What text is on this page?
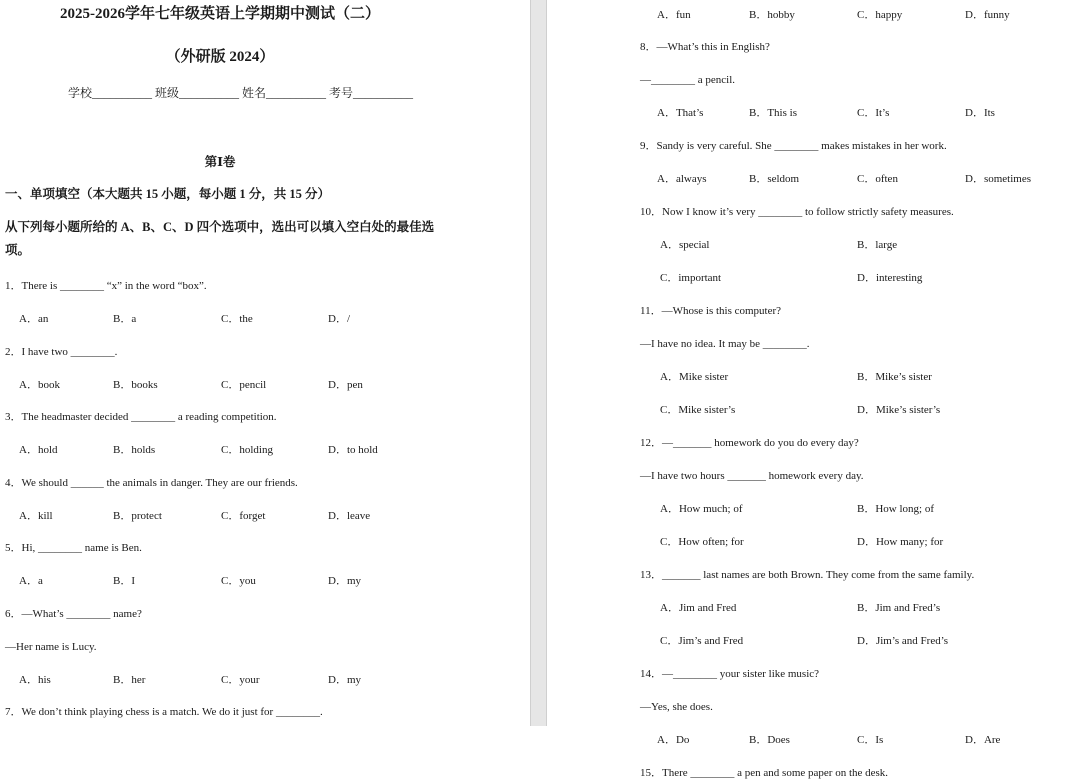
2025-2026学年七年级英语上学期期中测试（二）
（外研版 2024）
学校__________ 班级__________ 姓名__________ 考号__________
第Ⅰ卷
一、单项填空（本大题共 15 小题，每小题 1 分，共 15 分）
从下列每小题所给的 A、B、C、D 四个选项中，选出可以填入空白处的最佳选
项。
1．There is ________ “x” in the word “box”.
A．an	B．a	C．the	D．/
2．I have two ________.
A．book	B．books	C．pencil	D．pen
3．The headmaster decided ________ a reading competition.
A．hold	B．holds	C．holding	D．to hold
4．We should ______ the animals in danger. They are our friends.
A．kill	B．protect	C．forget	D．leave
5．Hi, ________ name is Ben.
A．a	B．I	C．you	D．my
6．—What’s ________ name?
—Her name is Lucy.
A．his	B．her	C．your	D．my
7．We don’t think playing chess is a match. We do it just for ________.
A．fun	B．hobby	C．happy	D．funny
8．—What’s this in English?
—________ a pencil.
A．That’s	B．This is	C．It’s	D．Its
9．Sandy is very careful. She ________ makes mistakes in her work.
A．always	B．seldom	C．often	D．sometimes
10．Now I know it’s very ________ to follow strictly safety measures.
A．special	B．large
C．important	D．interesting
11．—Whose is this computer?
—I have no idea. It may be ________.
A．Mike sister	B．Mike’s sister
C．Mike sister’s	D．Mike’s sister’s
12．—_______ homework do you do every day?
—I have two hours _______ homework every day.
A．How much; of	B．How long; of
C．How often; for	D．How many; for
13．_______ last names are both Brown. They come from the same family.
A．Jim and Fred	B．Jim and Fred’s
C．Jim’s and Fred	D．Jim’s and Fred’s
14．—________ your sister like music?
—Yes, she does.
A．Do	B．Does	C．Is	D．Are
15．There ________ a pen and some paper on the desk.
